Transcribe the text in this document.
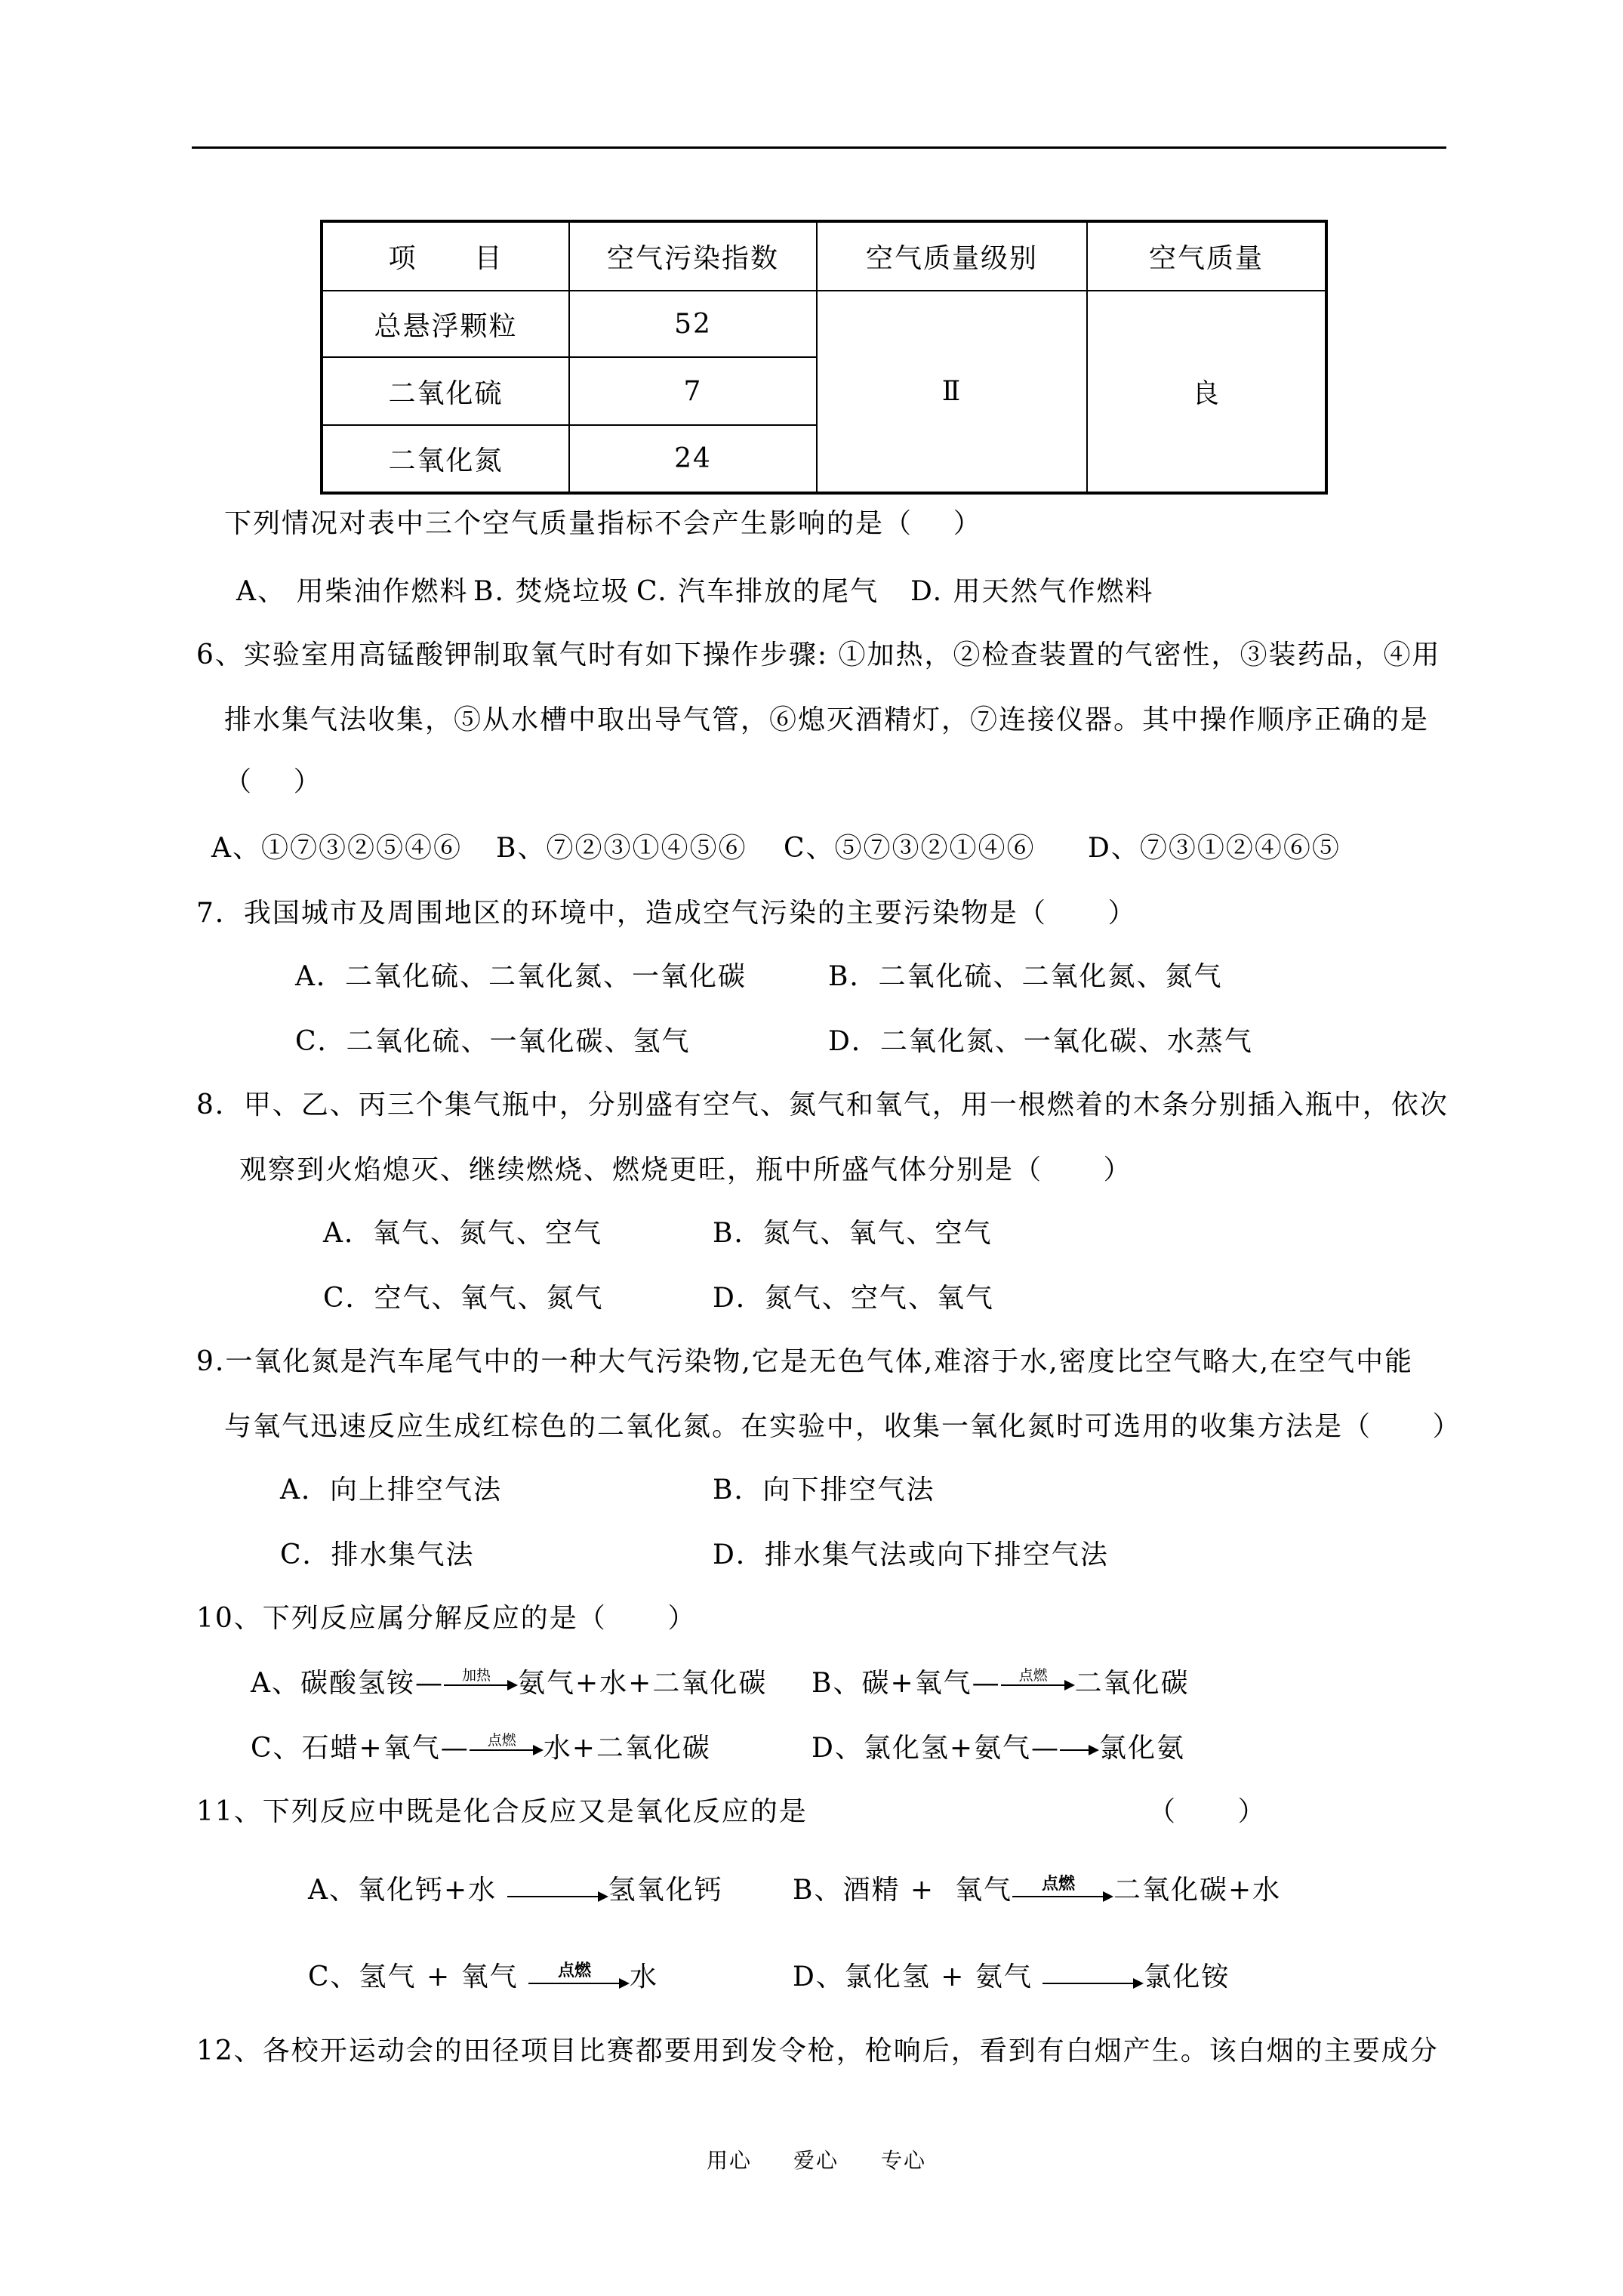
项　　目	空气污染指数	空气质量级别	空气质量
总悬浮颗粒	52	Ⅱ	良
二氧化硫	7		
二氧化氮	24		
下列情况对表中三个空气质量指标不会产生影响的是（    ）
A、 用柴油作燃料 B. 焚烧垃圾 C. 汽车排放的尾气 D. 用天然气作燃料
6、实验室用高锰酸钾制取氧气时有如下操作步骤: ①加热，②检查装置的气密性，③装药品，④用
排水集气法收集，⑤从水槽中取出导气管，⑥熄灭酒精灯，⑦连接仪器。其中操作顺序正确的是
（    ）
A、①⑦③②⑤④⑥ B、⑦②③①④⑤⑥ C、⑤⑦③②①④⑥ D、⑦③①②④⑥⑤
7．我国城市及周围地区的环境中，造成空气污染的主要污染物是（      ）
A．二氧化硫、二氧化氮、一氧化碳	B．二氧化硫、二氧化氮、氮气
C．二氧化硫、一氧化碳、氢气	D．二氧化氮、一氧化碳、水蒸气
8．甲、乙、丙三个集气瓶中，分别盛有空气、氮气和氧气，用一根燃着的木条分别插入瓶中，依次
观察到火焰熄灭、继续燃烧、燃烧更旺，瓶中所盛气体分别是（      ）
A．氧气、氮气、空气	B．氮气、氧气、空气
C．空气、氧气、氮气	D．氮气、空气、氧气
9.一氧化氮是汽车尾气中的一种大气污染物,它是无色气体,难溶于水,密度比空气略大,在空气中能
与氧气迅速反应生成红棕色的二氧化氮。在实验中，收集一氧化氮时可选用的收集方法是（      ）
A．向上排空气法	B．向下排空气法
C．排水集气法	D．排水集气法或向下排空气法
10、下列反应属分解反应的是（      ）
A、碳酸氢铵—	加热	氨气+水+二氧化碳 B、碳+氧气—	点燃	二氧化碳
C、石蜡+氧气—	点燃	水+二氧化碳	D、氯化氢+氨气— 氯化氨
11、下列反应中既是化合反应又是氧化反应的是	（      ）
A、氧化钙+水	氢氧化钙	B、酒精 +  氧气	点燃	二氧化碳+水
C、氢气 + 氧气	点燃	水	D、氯化氢 + 氨气	氯化铵
12、各校开运动会的田径项目比赛都要用到发令枪，枪响后，看到有白烟产生。该白烟的主要成分
用心 爱心 专心
